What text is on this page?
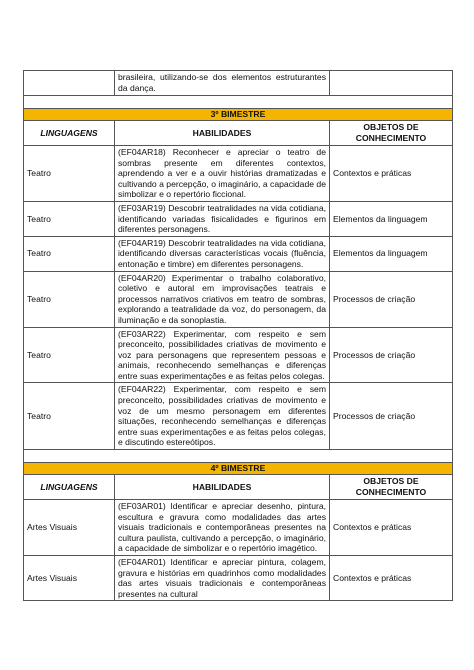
	brasileira, utilizando-se dos elementos estruturantes da dança.	

3º BIMESTRE		
LINGUAGENS	HABILIDADES	OBJETOS DE CONHECIMENTO
Teatro	(EF04AR18) Reconhecer e apreciar o teatro de sombras presente em diferentes contextos, aprendendo a ver e a ouvir histórias dramatizadas e cultivando a percepção, o imaginário, a capacidade de simbolizar e o repertório ficcional.	Contextos e práticas
Teatro	(EF03AR19) Descobrir teatralidades na vida cotidiana, identificando variadas fisicalidades e figurinos em diferentes personagens.	Elementos da linguagem
Teatro	(EF04AR19) Descobrir teatralidades na vida cotidiana, identificando diversas características vocais (fluência, entonação e timbre) em diferentes personagens.	Elementos da linguagem
Teatro	(EF04AR20) Experimentar o trabalho colaborativo, coletivo e autoral em improvisações teatrais e processos narrativos criativos em teatro de sombras, explorando a teatralidade da voz, do personagem, da iluminação e da sonoplastia.	Processos de criação
Teatro	(EF03AR22) Experimentar, com respeito e sem preconceito, possibilidades criativas de movimento e voz para personagens que representem pessoas e animais, reconhecendo semelhanças e diferenças entre suas experimentações e as feitas pelos colegas.	Processos de criação
Teatro	(EF04AR22) Experimentar, com respeito e sem preconceito, possibilidades criativas de movimento e voz de um mesmo personagem em diferentes situações, reconhecendo semelhanças e diferenças entre suas experimentações e as feitas pelos colegas, e discutindo estereótipos.	Processos de criação

4º BIMESTRE		
LINGUAGENS	HABILIDADES	OBJETOS DE CONHECIMENTO
Artes Visuais	(EF03AR01) Identificar e apreciar desenho, pintura, escultura e gravura como modalidades das artes visuais tradicionais e contemporâneas presentes na cultura paulista, cultivando a percepção, o imaginário, a capacidade de simbolizar e o repertório imagético.	Contextos e práticas
Artes Visuais	(EF04AR01) Identificar e apreciar pintura, colagem, gravura e histórias em quadrinhos como modalidades das artes visuais tradicionais e contemporâneas presentes na cultural	Contextos e práticas
